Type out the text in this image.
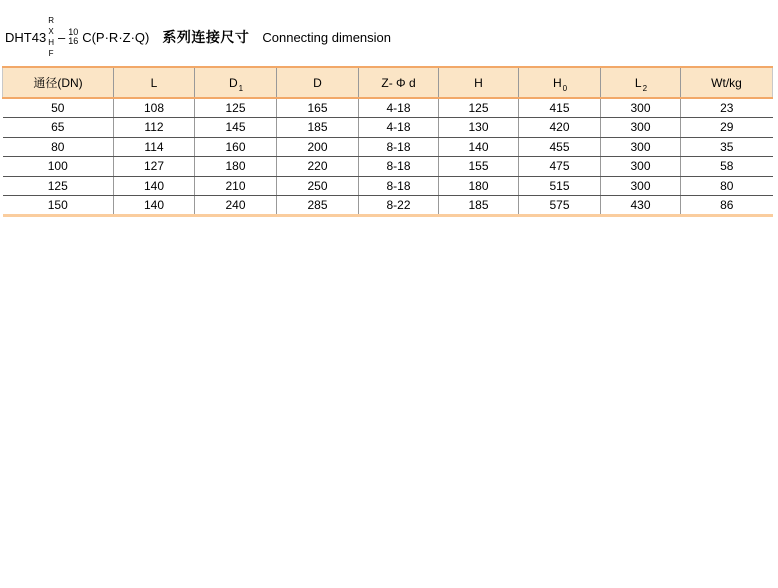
DHT43
R
X
H
F
– 10
16 C(P·R·Z·Q) 系列连接尺寸 Connecting dimension
通径(DN)	L	$D_1$	D	Z- Φ d	H	$H_0$	$L_2$	Wt/kg
50	108	125	165	4-18	125	415	300	23
65	112	145	185	4-18	130	420	300	29
80	114	160	200	8-18	140	455	300	35
100	127	180	220	8-18	155	475	300	58
125	140	210	250	8-18	180	515	300	80
150	140	240	285	8-22	185	575	430	86
